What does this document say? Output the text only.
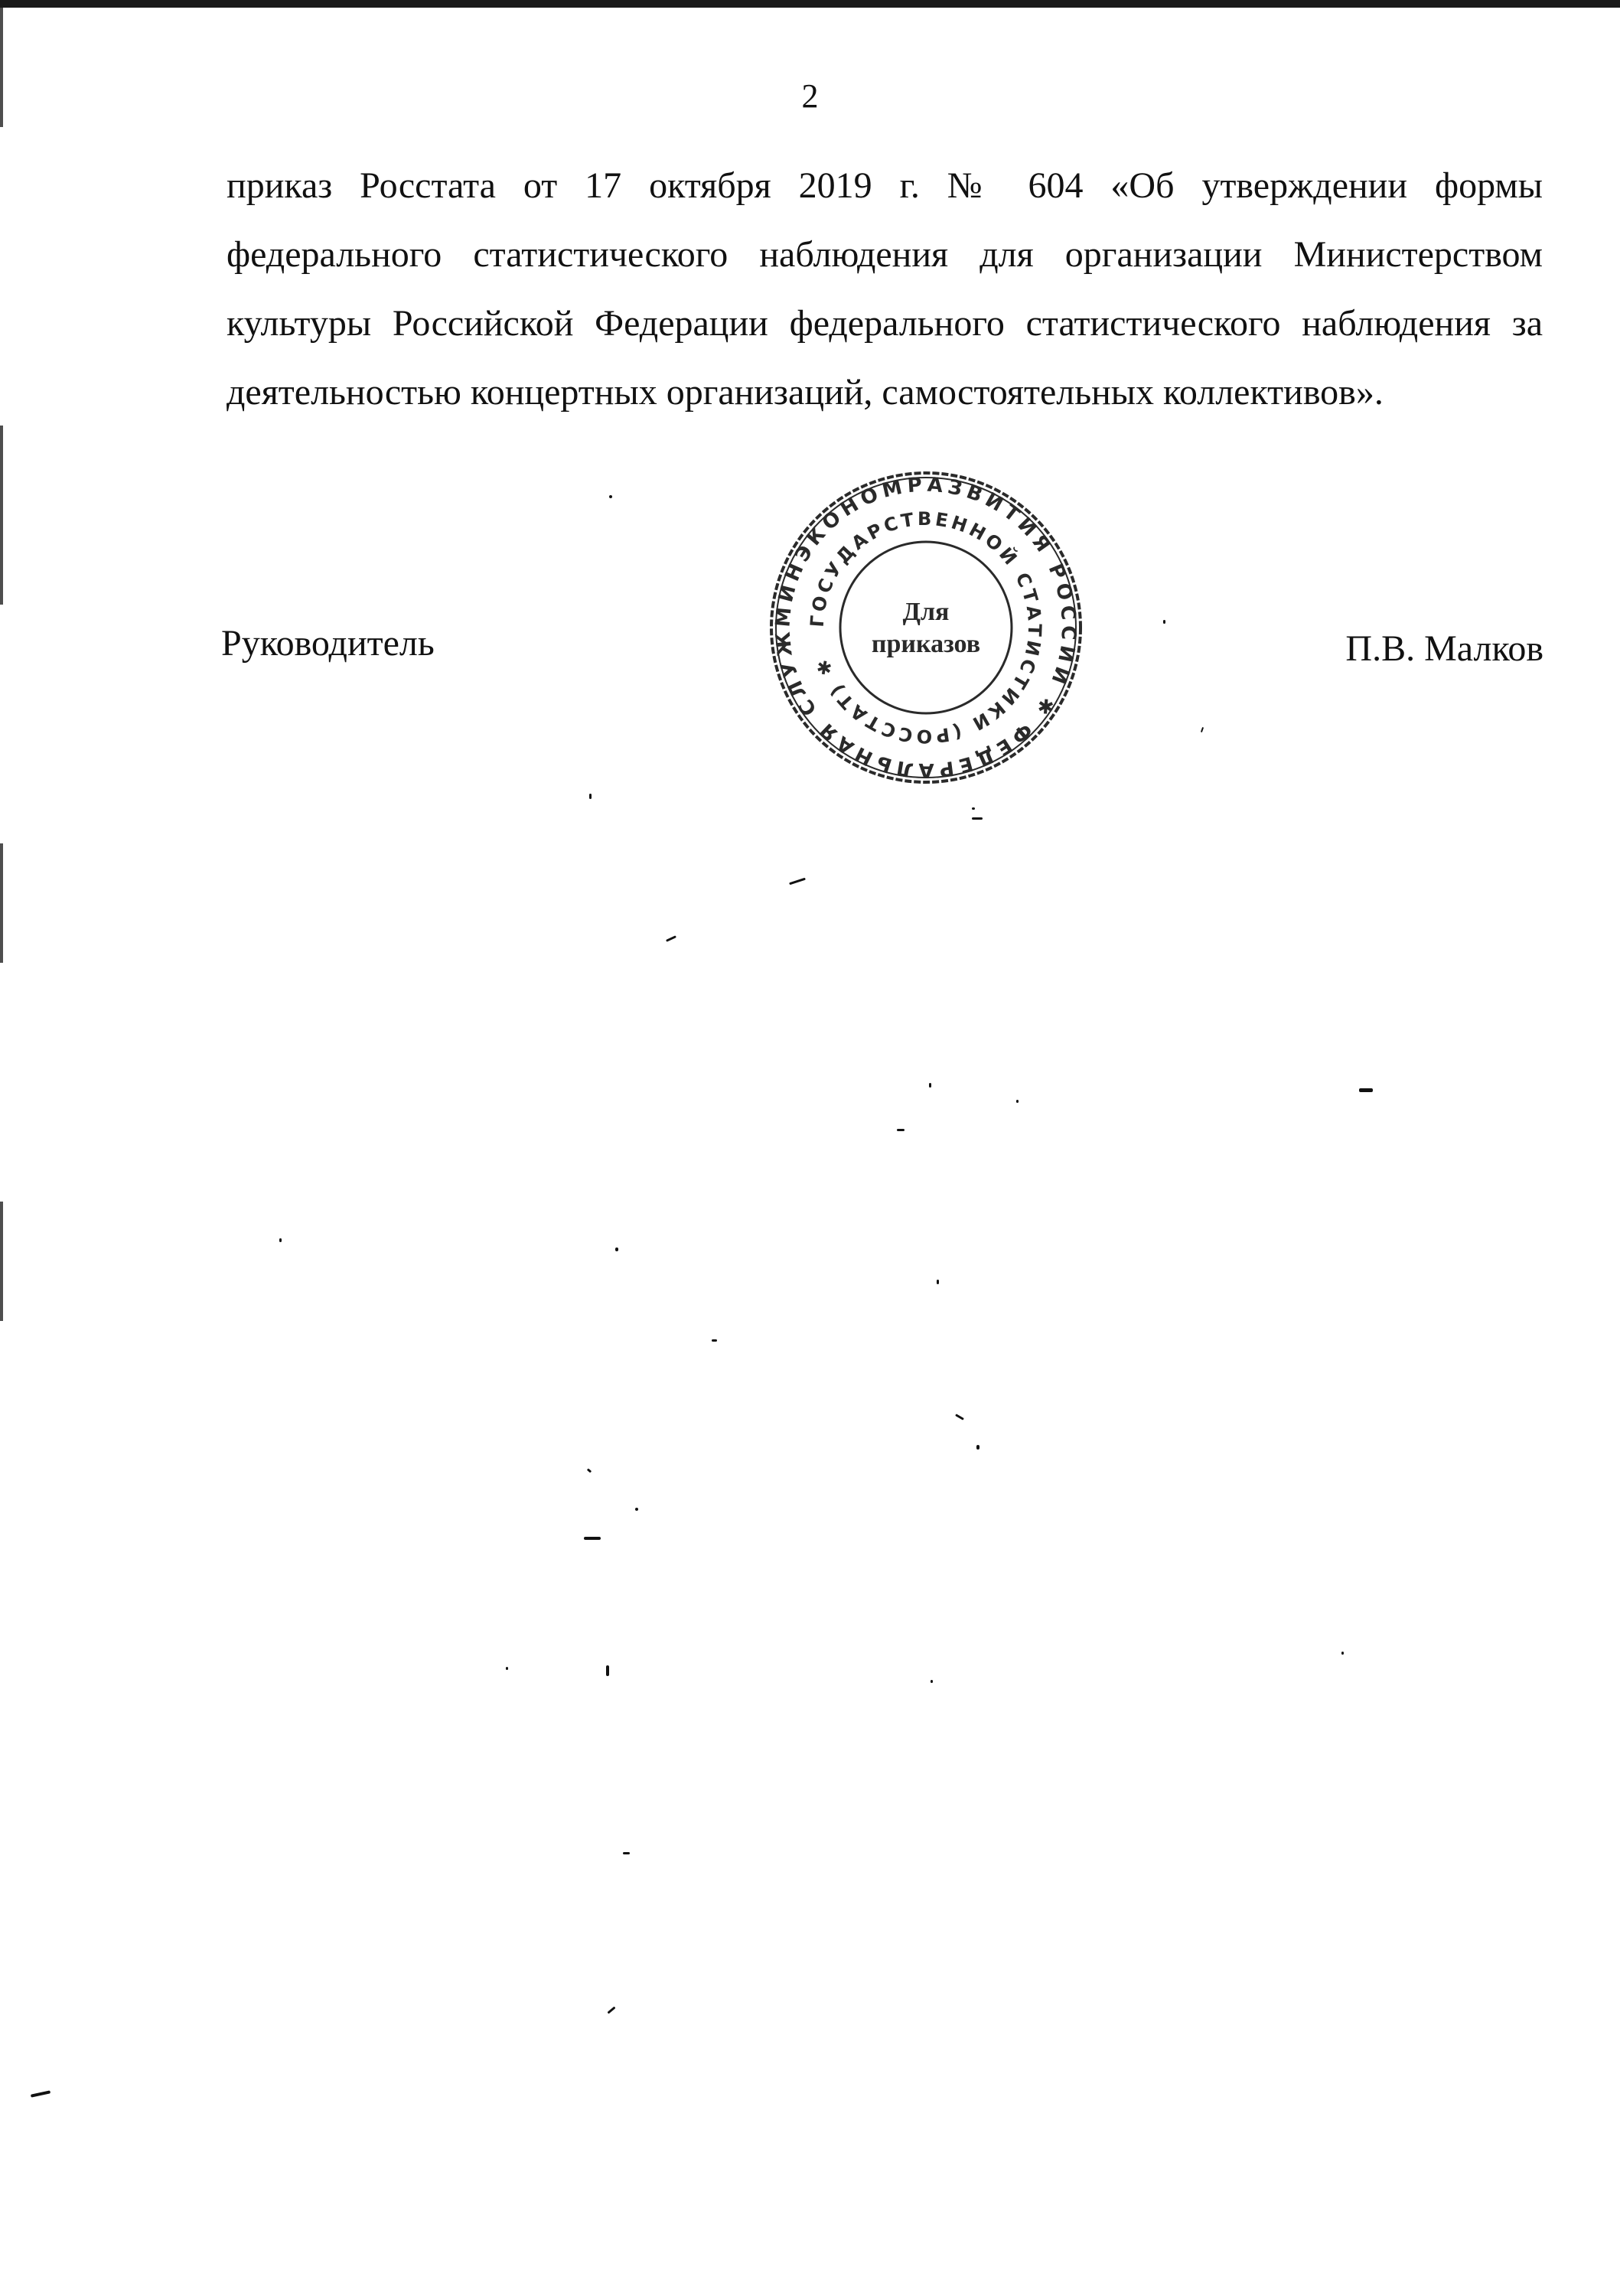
2

приказ Росстата от 17 октября 2019 г. № 604 «Об утверждении формы федерального статистического наблюдения для организации Министерством культуры Российской Федерации федерального статистического наблюдения за деятельностью концертных организаций, самостоятельных коллективов».

Руководитель
МИНЭКОНОМРАЗВИТИЯ РОССИИ ✱ ФЕДЕРАЛЬНАЯ СЛУЖ
ГОСУДАРСТВЕННОЙ СТАТИСТИКИ (РОССТАТ) ✱
Для
приказов	П.В. Малков
